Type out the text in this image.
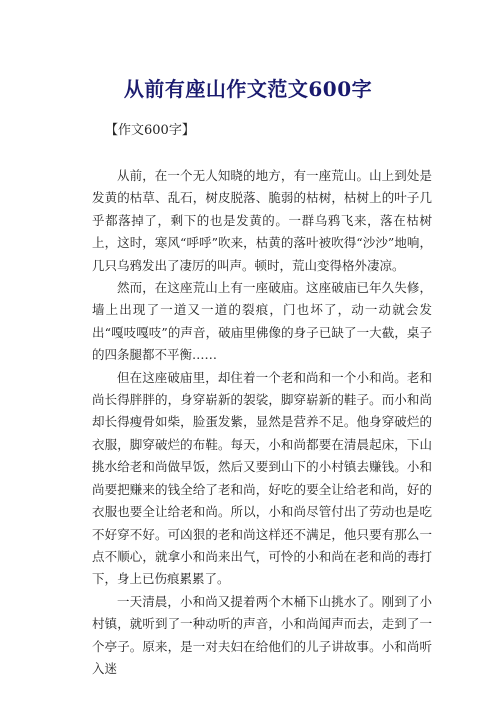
从前有座山作文范文600字
【作文600字】

从前，在一个无人知晓的地方，有一座荒山。山上到处是发黄的枯草、乱石，树皮脱落、脆弱的枯树，枯树上的叶子几乎都落掉了，剩下的也是发黄的。一群乌鸦飞来，落在枯树上，这时，寒风“呼呼”吹来，枯黄的落叶被吹得“沙沙”地响，几只乌鸦发出了凄厉的叫声。顿时，荒山变得格外凄凉。

然而，在这座荒山上有一座破庙。这座破庙已年久失修，墙上出现了一道又一道的裂痕，门也坏了，动一动就会发出“嘎吱嘎吱”的声音，破庙里佛像的身子已缺了一大截，桌子的四条腿都不平衡……

但在这座破庙里，却住着一个老和尚和一个小和尚。老和尚长得胖胖的，身穿崭新的袈裟，脚穿崭新的鞋子。而小和尚却长得瘦骨如柴，脸蛋发紫，显然是营养不足。他身穿破烂的衣服，脚穿破烂的布鞋。每天，小和尚都要在清晨起床，下山挑水给老和尚做早饭，然后又要到山下的小村镇去赚钱。小和尚要把赚来的钱全给了老和尚，好吃的要全让给老和尚，好的衣服也要全让给老和尚。所以，小和尚尽管付出了劳动也是吃不好穿不好。可凶狠的老和尚这样还不满足，他只要有那么一点不顺心，就拿小和尚来出气，可怜的小和尚在老和尚的毒打下，身上已伤痕累累了。

一天清晨，小和尚又提着两个木桶下山挑水了。刚到了小村镇，就听到了一种动听的声音，小和尚闻声而去，走到了一个亭子。原来，是一对夫妇在给他们的儿子讲故事。小和尚听入迷
